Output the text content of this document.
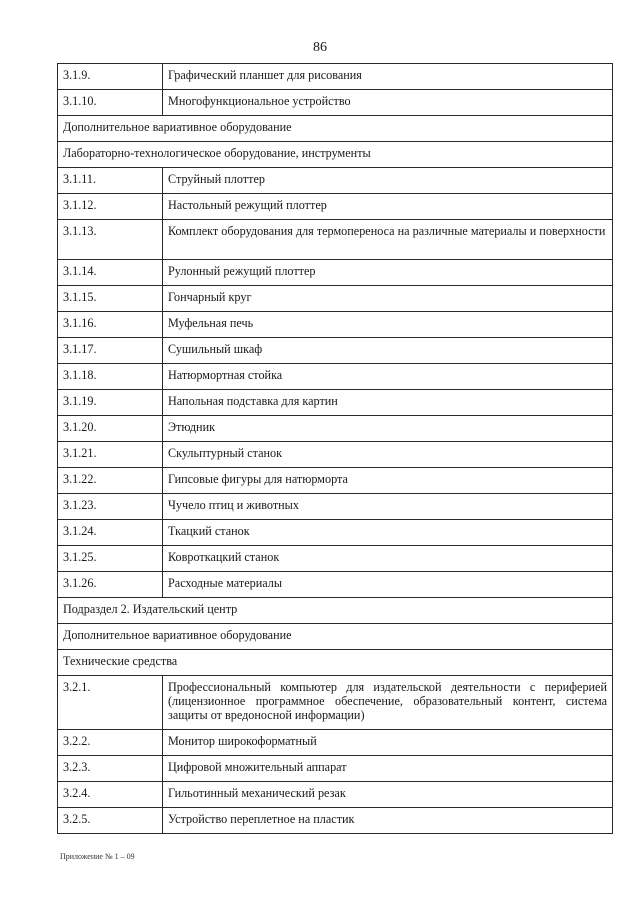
86
3.1.9.	Графический планшет для рисования
3.1.10.	Многофункциональное устройство
Дополнительное вариативное оборудование	
Лабораторно-технологическое оборудование, инструменты	
3.1.11.	Струйный плоттер
3.1.12.	Настольный режущий плоттер
3.1.13.	Комплект оборудования для термопереноса на различные материалы и поверхности
3.1.14.	Рулонный режущий плоттер
3.1.15.	Гончарный круг
3.1.16.	Муфельная печь
3.1.17.	Сушильный шкаф
3.1.18.	Натюрмортная стойка
3.1.19.	Напольная подставка для картин
3.1.20.	Этюдник
3.1.21.	Скульптурный станок
3.1.22.	Гипсовые фигуры для натюрморта
3.1.23.	Чучело птиц и животных
3.1.24.	Ткацкий станок
3.1.25.	Ковроткацкий станок
3.1.26.	Расходные материалы
Подраздел 2. Издательский центр	
Дополнительное вариативное оборудование	
Технические средства	
3.2.1.	Профессиональный компьютер для издательской деятельности с периферией (лицензионное программное обеспечение, образовательный контент, система защиты от вредоносной информации)
3.2.2.	Монитор широкоформатный
3.2.3.	Цифровой множительный аппарат
3.2.4.	Гильотинный механический резак
3.2.5.	Устройство переплетное на пластик
Приложение № 1 – 09
